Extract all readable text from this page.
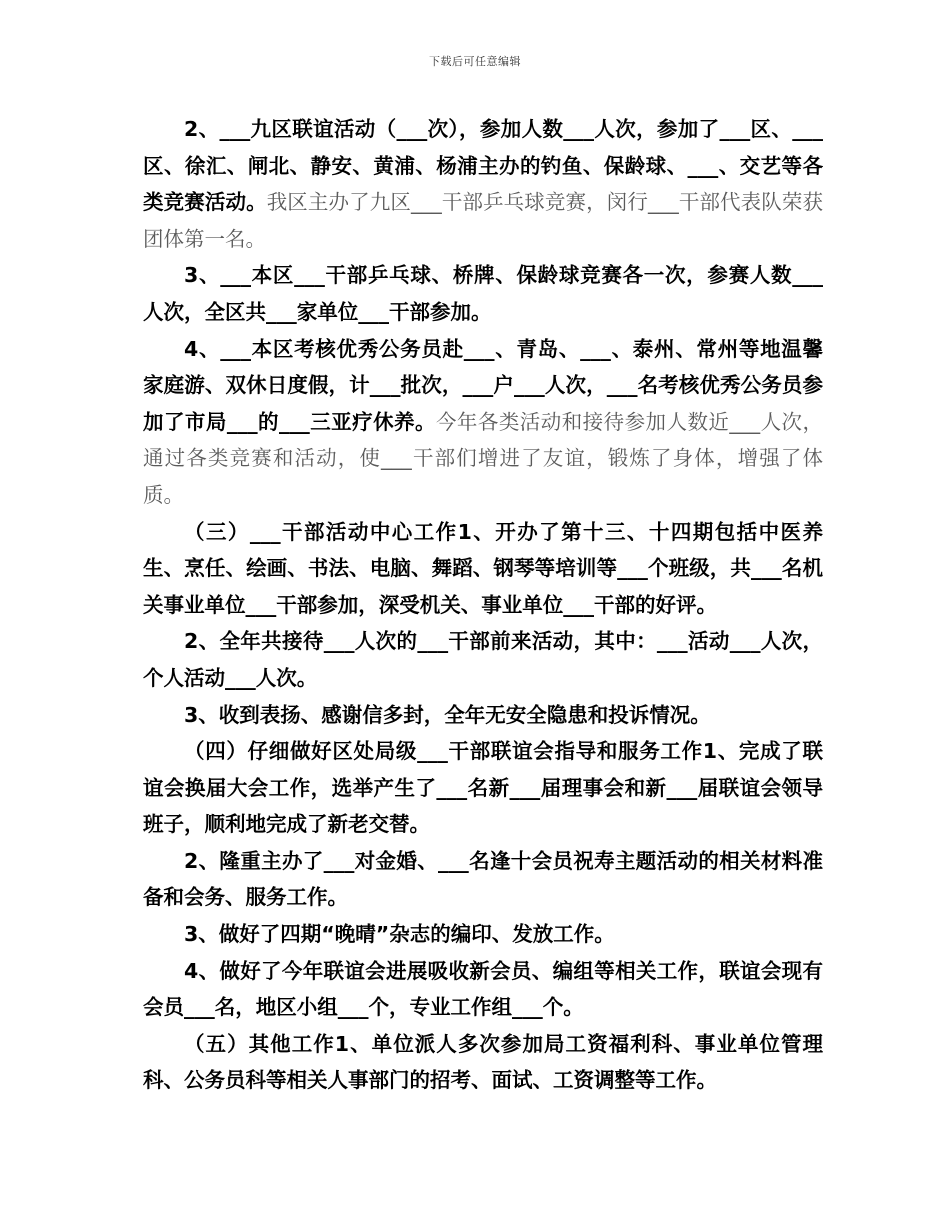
下载后可任意编辑

2、___九区联谊活动（___次），参加人数___人次，参加了___区、___区、徐汇、闸北、静安、黄浦、杨浦主办的钓鱼、保龄球、___、交艺等各类竞赛活动。我区主办了九区___干部乒乓球竞赛，闵行___干部代表队荣获团体第一名。

3、___本区___干部乒乓球、桥牌、保龄球竞赛各一次，参赛人数___人次，全区共___家单位___干部参加。

4、___本区考核优秀公务员赴___、青岛、___、泰州、常州等地温馨家庭游、双休日度假，计___批次，___户___人次，___名考核优秀公务员参加了市局___的___三亚疗休养。今年各类活动和接待参加人数近___人次，通过各类竞赛和活动，使___干部们增进了友谊，锻炼了身体，增强了体质。

（三）___干部活动中心工作1、开办了第十三、十四期包括中医养生、烹任、绘画、书法、电脑、舞蹈、钢琴等培训等___个班级，共___名机关事业单位___干部参加，深受机关、事业单位___干部的好评。

2、全年共接待___人次的___干部前来活动，其中：___活动___人次，个人活动___人次。

3、收到表扬、感谢信多封，全年无安全隐患和投诉情况。

（四）仔细做好区处局级___干部联谊会指导和服务工作1、完成了联谊会换届大会工作，选举产生了___名新___届理事会和新___届联谊会领导班子，顺利地完成了新老交替。

2、隆重主办了___对金婚、___名逢十会员祝寿主题活动的相关材料准备和会务、服务工作。

3、做好了四期“晚晴”杂志的编印、发放工作。

4、做好了今年联谊会进展吸收新会员、编组等相关工作，联谊会现有会员___名，地区小组___个，专业工作组___个。

（五）其他工作1、单位派人多次参加局工资福利科、事业单位管理科、公务员科等相关人事部门的招考、面试、工资调整等工作。
